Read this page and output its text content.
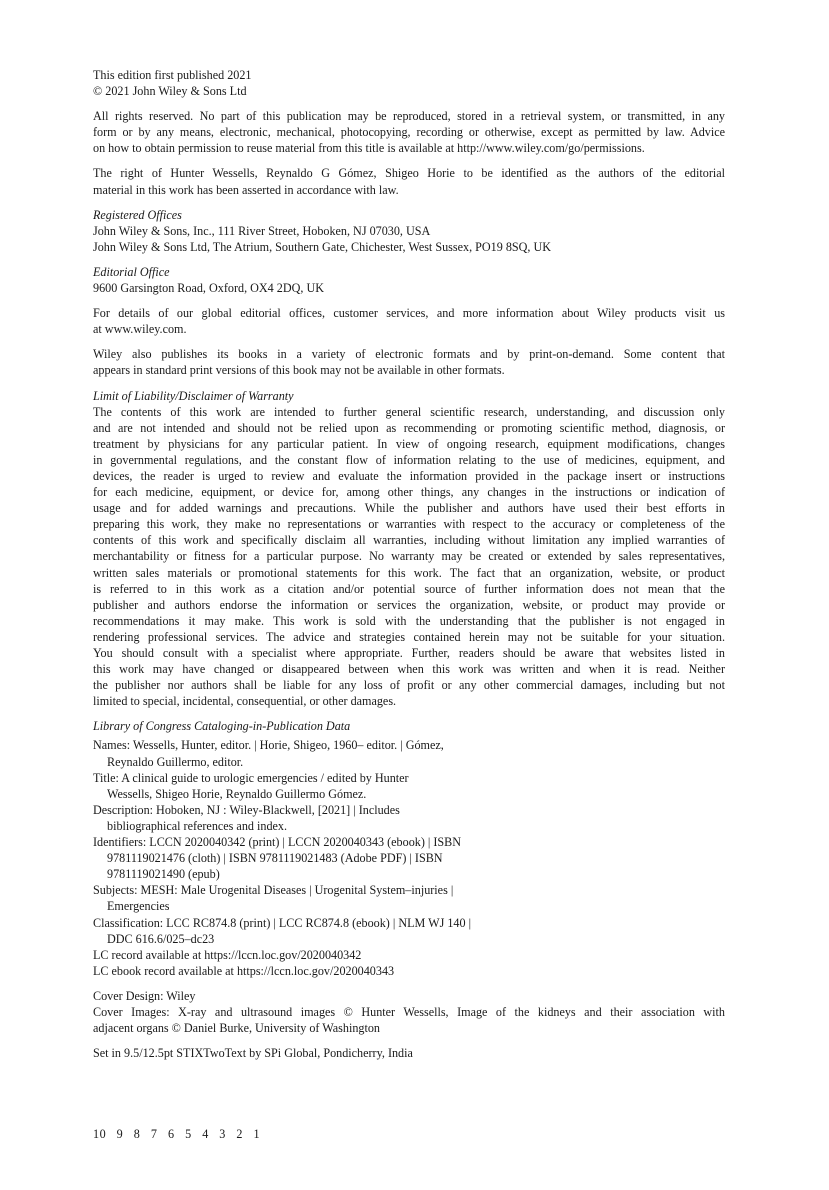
This edition first published 2021
© 2021 John Wiley & Sons Ltd
All rights reserved. No part of this publication may be reproduced, stored in a retrieval system, or transmitted, in any
form or by any means, electronic, mechanical, photocopying, recording or otherwise, except as permitted by law. Advice
on how to obtain permission to reuse material from this title is available at http://www.wiley.com/go/permissions.
The right of Hunter Wessells, Reynaldo G Gómez, Shigeo Horie to be identified as the authors of the editorial
material in this work has been asserted in accordance with law.
Registered Offices
John Wiley & Sons, Inc., 111 River Street, Hoboken, NJ 07030, USA
John Wiley & Sons Ltd, The Atrium, Southern Gate, Chichester, West Sussex, PO19 8SQ, UK
Editorial Office
9600 Garsington Road, Oxford, OX4 2DQ, UK
For details of our global editorial offices, customer services, and more information about Wiley products visit us
at www.wiley.com.
Wiley also publishes its books in a variety of electronic formats and by print-on-demand. Some content that
appears in standard print versions of this book may not be available in other formats.
Limit of Liability/Disclaimer of Warranty
The contents of this work are intended to further general scientific research, understanding, and discussion only
and are not intended and should not be relied upon as recommending or promoting scientific method, diagnosis, or
treatment by physicians for any particular patient. In view of ongoing research, equipment modifications, changes
in governmental regulations, and the constant flow of information relating to the use of medicines, equipment, and
devices, the reader is urged to review and evaluate the information provided in the package insert or instructions
for each medicine, equipment, or device for, among other things, any changes in the instructions or indication of
usage and for added warnings and precautions. While the publisher and authors have used their best efforts in
preparing this work, they make no representations or warranties with respect to the accuracy or completeness of the
contents of this work and specifically disclaim all warranties, including without limitation any implied warranties of
merchantability or fitness for a particular purpose. No warranty may be created or extended by sales representatives,
written sales materials or promotional statements for this work. The fact that an organization, website, or product
is referred to in this work as a citation and/or potential source of further information does not mean that the
publisher and authors endorse the information or services the organization, website, or product may provide or
recommendations it may make. This work is sold with the understanding that the publisher is not engaged in
rendering professional services. The advice and strategies contained herein may not be suitable for your situation.
You should consult with a specialist where appropriate. Further, readers should be aware that websites listed in
this work may have changed or disappeared between when this work was written and when it is read. Neither
the publisher nor authors shall be liable for any loss of profit or any other commercial damages, including but not
limited to special, incidental, consequential, or other damages.
Library of Congress Cataloging-in-Publication Data
Names: Wessells, Hunter, editor. | Horie, Shigeo, 1960– editor. | Gómez,
Reynaldo Guillermo, editor.
Title: A clinical guide to urologic emergencies / edited by Hunter
Wessells, Shigeo Horie, Reynaldo Guillermo Gómez.
Description: Hoboken, NJ : Wiley-Blackwell, [2021] | Includes
bibliographical references and index.
Identifiers: LCCN 2020040342 (print) | LCCN 2020040343 (ebook) | ISBN
9781119021476 (cloth) | ISBN 9781119021483 (Adobe PDF) | ISBN
9781119021490 (epub)
Subjects: MESH: Male Urogenital Diseases | Urogenital System–injuries |
Emergencies
Classification: LCC RC874.8 (print) | LCC RC874.8 (ebook) | NLM WJ 140 |
DDC 616.6/025–dc23
LC record available at https://lccn.loc.gov/2020040342
LC ebook record available at https://lccn.loc.gov/2020040343
Cover Design: Wiley
Cover Images: X-ray and ultrasound images © Hunter Wessells, Image of the kidneys and their association with
adjacent organs © Daniel Burke, University of Washington
Set in 9.5/12.5pt STIXTwoText by SPi Global, Pondicherry, India
10 9 8 7 6 5 4 3 2 1
